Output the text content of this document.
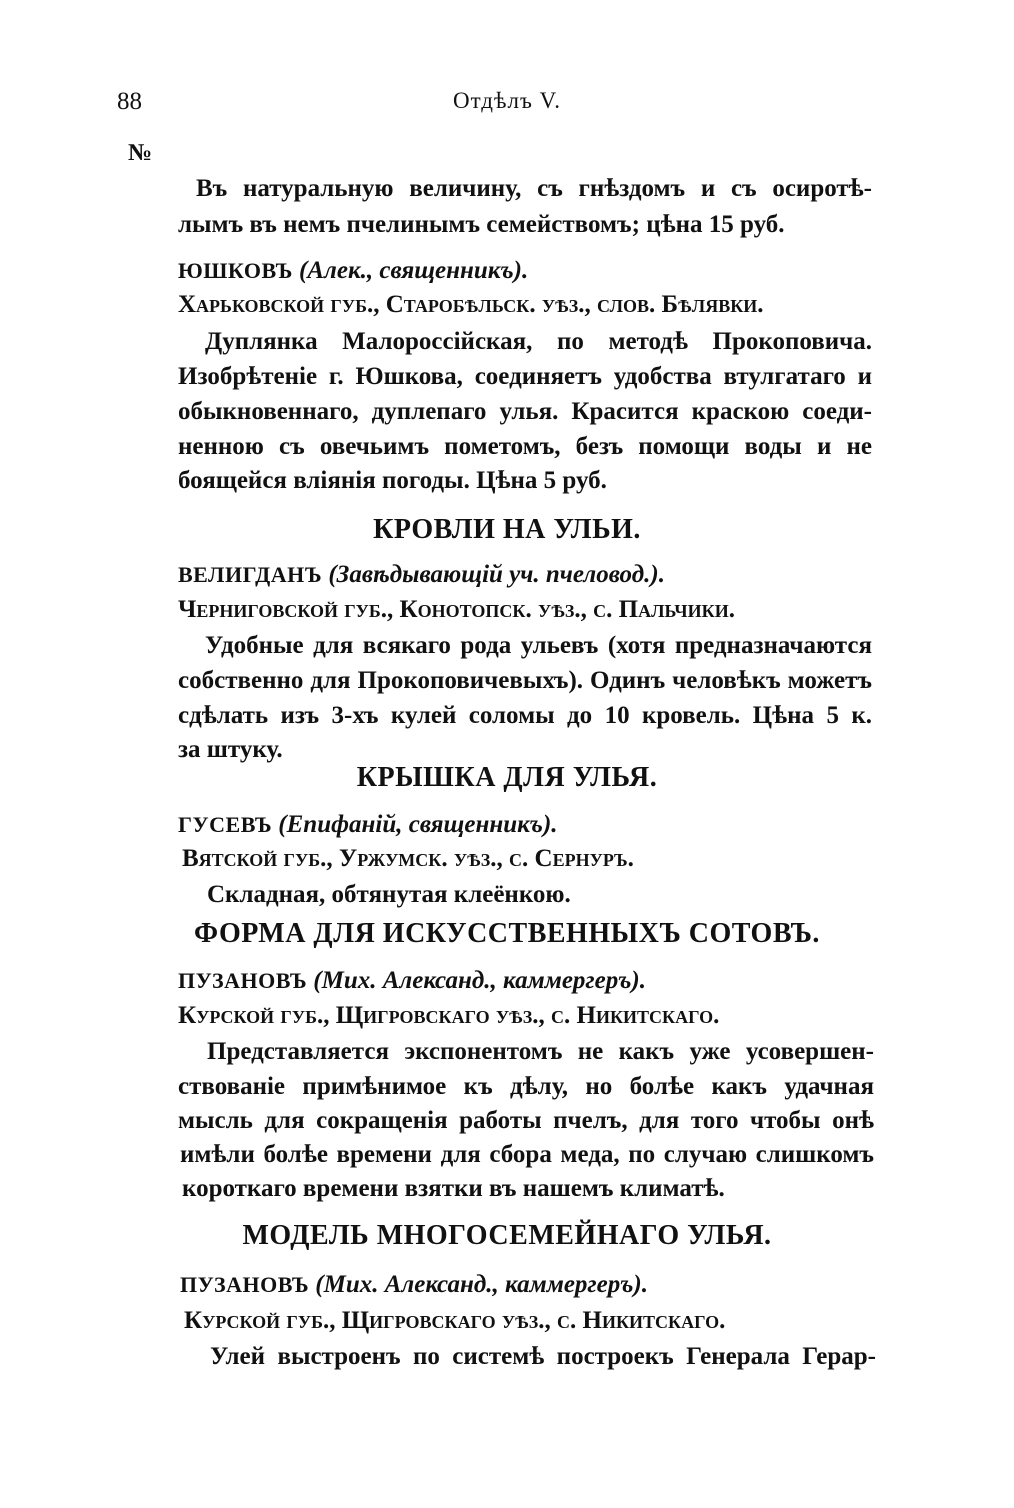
88	Отдѣлъ V.
№
Въ натуральную величину, съ гнѣздомъ и съ осиротѣ-
лымъ въ немъ пчелинымъ семействомъ; цѣна 15 руб.
ЮШКОВЪ (Алек., священникъ).
Харьковской губ., Старобѣльск. уѣз., слов. Бѣлявки.
Дуплянка Малороссiйская, по методѣ Прокоповича.
Изобрѣтенiе г. Юшкова, соединяетъ удобства втулгатаго и
обыкновеннаго, дуплепаго улья. Красится краскою соеди-
ненною съ овечьимъ пометомъ, безъ помощи воды и не
боящейся влiянiя погоды. Цѣна 5 руб.
КРОВЛИ НА УЛЬИ.
ВЕЛИГДАНЪ (Завѣдывающiй уч. пчеловод.).
Черниговской губ., Конотопск. уѣз., с. Пальчики.
Удобные для всякаго рода ульевъ (хотя предназначаются
собственно для Прокоповичевыхъ). Одинъ человѣкъ можетъ
сдѣлать изъ 3-хъ кулей соломы до 10 кровель. Цѣна 5 к.
за штуку.
КРЫШКА ДЛЯ УЛЬЯ.
ГУСЕВЪ (Епифанiй, священникъ).
Вятской губ., Уржумск. уѣз., с. Сернуръ.
Складная, обтянутая клеёнкою.
ФОРМА ДЛЯ ИСКУССТВЕННЫХЪ СОТОВЪ.
ПУЗАНОВЪ (Мих. Александ., каммергеръ).
Курской губ., Щигровскаго уѣз., с. Никитскаго.
Представляется экспонентомъ не какъ уже усовершен-
ствованiе примѣнимое къ дѣлу, но болѣе какъ удачная
мысль для сокращенiя работы пчелъ, для того чтобы онѣ
имѣли болѣе времени для сбора меда, по случаю слишкомъ
короткаго времени взятки въ нашемъ климатѣ.
МОДЕЛЬ МНОГОСЕМЕЙНАГО УЛЬЯ.
ПУЗАНОВЪ (Мих. Александ., каммергеръ).
Курской губ., Щигровскаго уѣз., с. Никитскаго.
Улей выстроенъ по системѣ построекъ Генерала Герар-
